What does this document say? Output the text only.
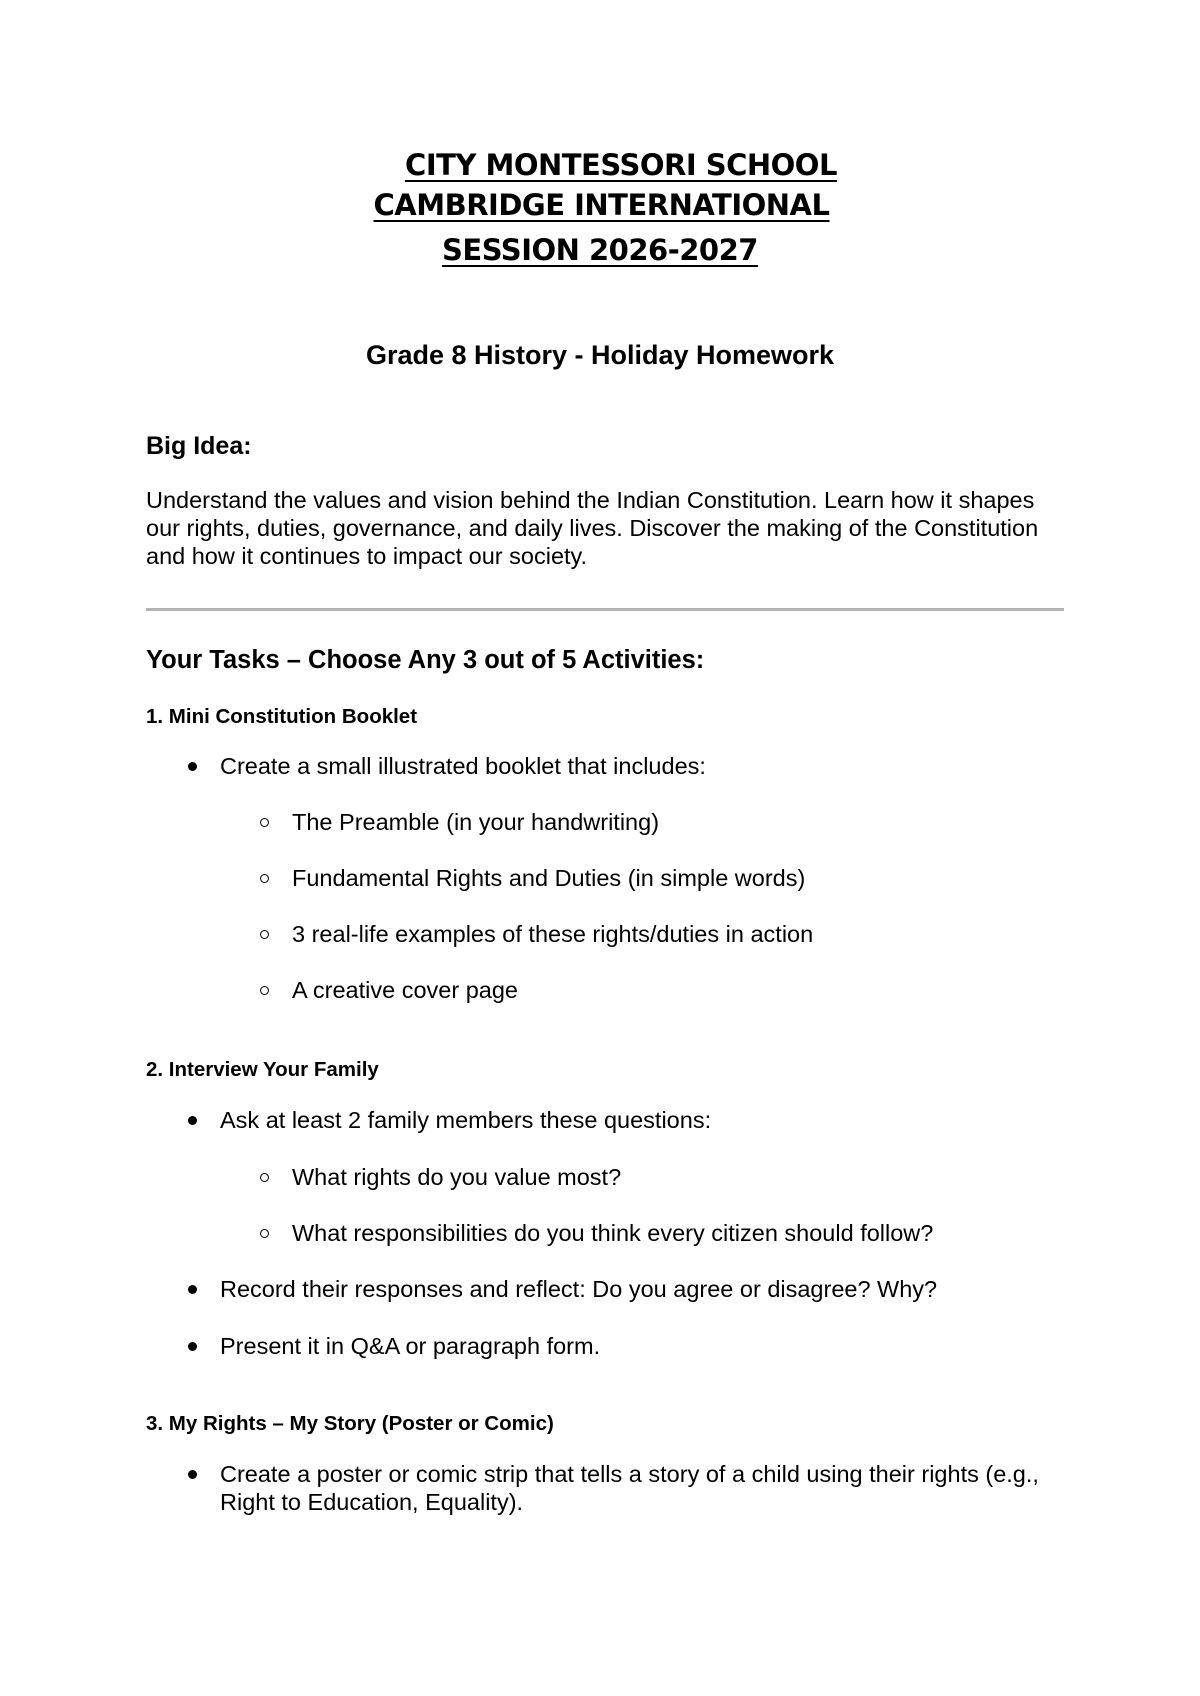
CITY MONTESSORI SCHOOL
CAMBRIDGE INTERNATIONAL
SESSION 2026-2027
Grade 8 History - Holiday Homework
Big Idea:
Understand the values and vision behind the Indian Constitution. Learn how it shapes our rights, duties, governance, and daily lives. Discover the making of the Constitution and how it continues to impact our society.
Your Tasks – Choose Any 3 out of 5 Activities:
1. Mini Constitution Booklet
Create a small illustrated booklet that includes:
The Preamble (in your handwriting)
Fundamental Rights and Duties (in simple words)
3 real-life examples of these rights/duties in action
A creative cover page
2. Interview Your Family
Ask at least 2 family members these questions:
What rights do you value most?
What responsibilities do you think every citizen should follow?
Record their responses and reflect: Do you agree or disagree? Why?
Present it in Q&A or paragraph form.
3. My Rights – My Story (Poster or Comic)
Create a poster or comic strip that tells a story of a child using their rights (e.g., Right to Education, Equality).
